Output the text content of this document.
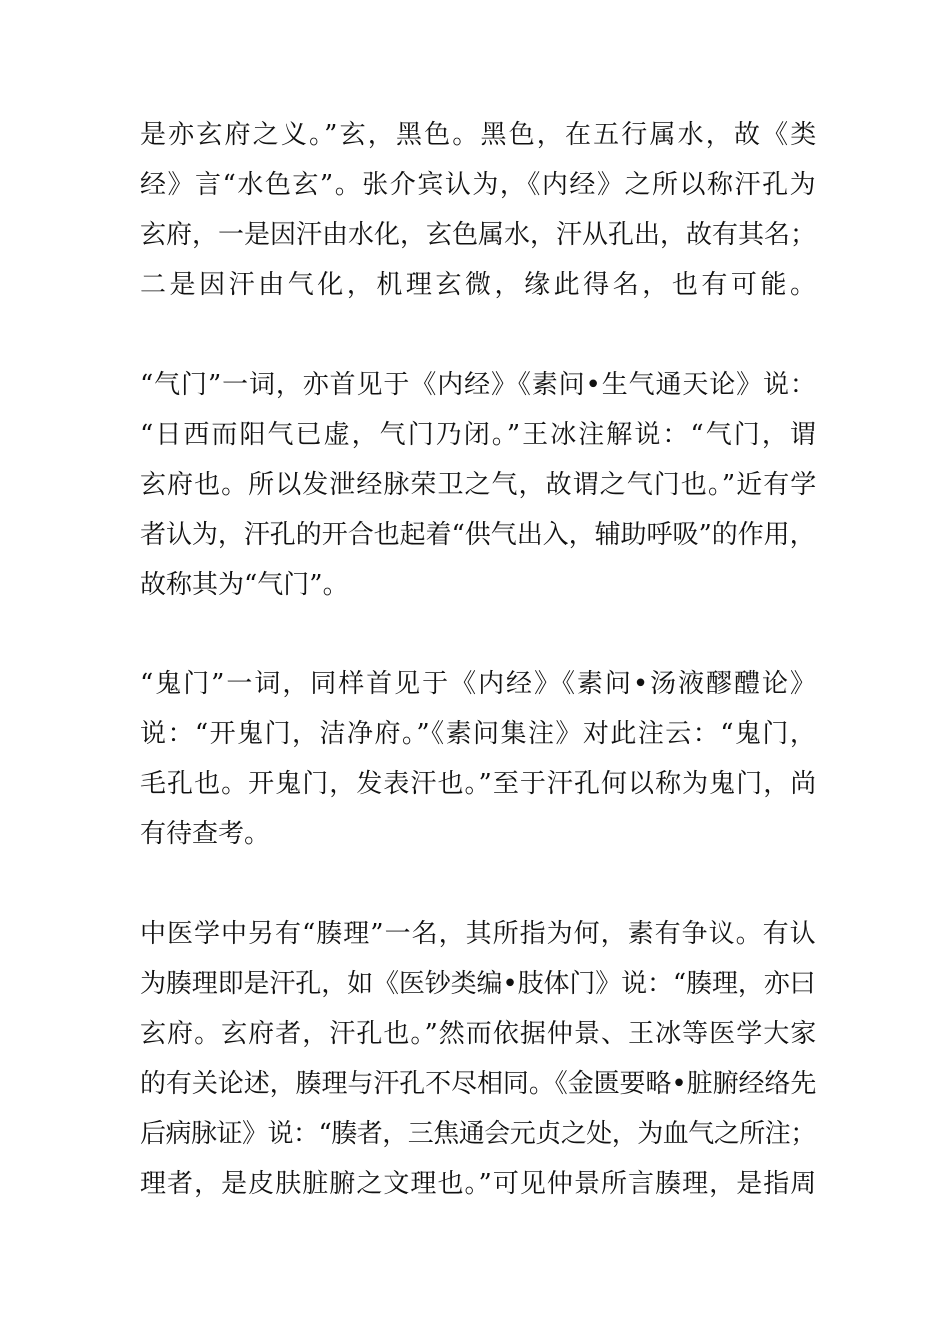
是亦玄府之义。”玄，黑色。黑色，在五行属水，故《类

经》言“水色玄”。张介宾认为，《内经》之所以称汗孔为

玄府，一是因汗由水化，玄色属水，汗从孔出，故有其名；

二是因汗由气化，机理玄微，缘此得名，也有可能。

“气门”一词，亦首见于《内经》《素问•生气通天论》说：

“日西而阳气已虚，气门乃闭。”王冰注解说：“气门，谓

玄府也。所以发泄经脉荣卫之气，故谓之气门也。”近有学

者认为，汗孔的开合也起着“供气出入，辅助呼吸”的作用，

故称其为“气门”。

“鬼门”一词，同样首见于《内经》《素问•汤液醪醴论》

说：“开鬼门，洁净府。”《素问集注》对此注云：“鬼门，

毛孔也。开鬼门，发表汗也。”至于汗孔何以称为鬼门，尚

有待查考。

中医学中另有“腠理”一名，其所指为何，素有争议。有认

为腠理即是汗孔，如《医钞类编•肢体门》说：“腠理，亦曰

玄府。玄府者，汗孔也。”然而依据仲景、王冰等医学大家

的有关论述，腠理与汗孔不尽相同。《金匮要略•脏腑经络先

后病脉证》说：“腠者，三焦通会元贞之处，为血气之所注；

理者，是皮肤脏腑之文理也。”可见仲景所言腠理，是指周
